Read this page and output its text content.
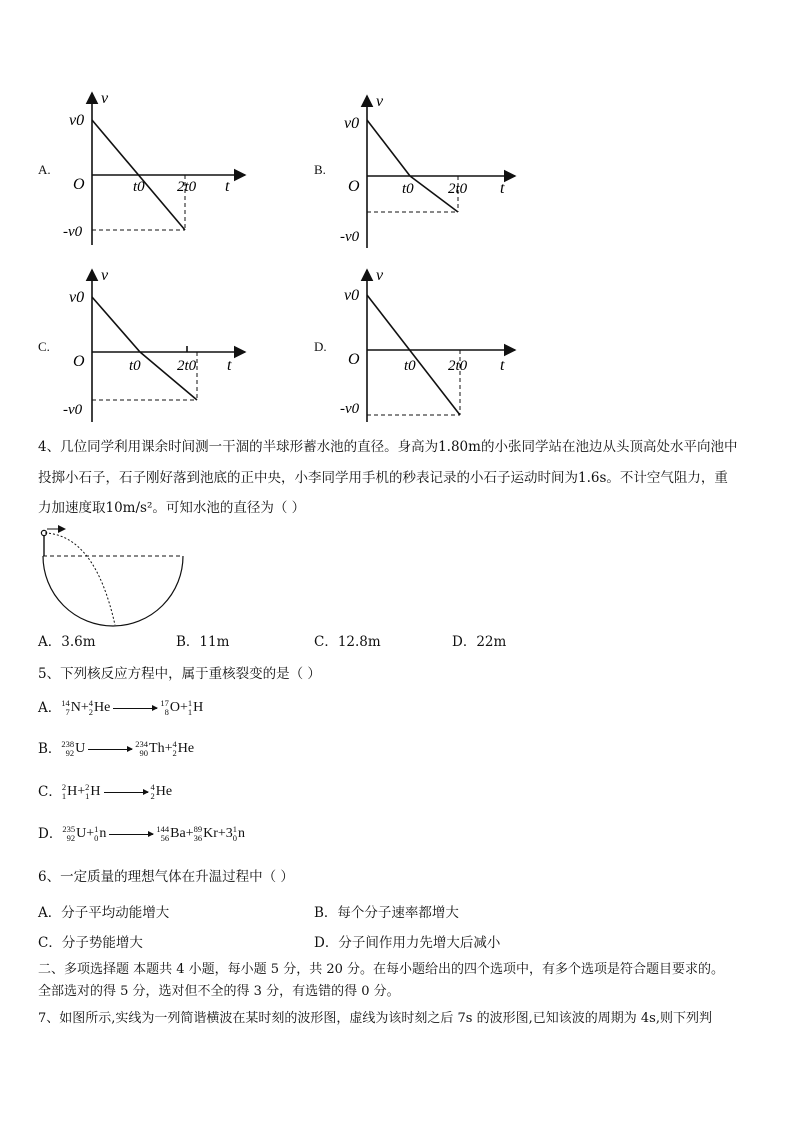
A.	B.
C.	D.
v
v0
O	t0 2t0 t
-v0
v
v0
O	t0 2t0 t
-v0
v
v0
O	t0 2t0 t
-v0
v
v0
O	t0 2t0 t
-v0
4、几位同学利用课余时间测一干涸的半球形蓄水池的直径。身高为1.80m的小张同学站在池边从头顶高处水平向池中
投掷小石子，石子刚好落到池底的正中央，小李同学用手机的秒表记录的小石子运动时间为1.6s。不计空气阻力，重
力加速度取10m/s²。可知水池的直径为（ ）
A．3.6m	B．11m	C．12.8m	D．22m
5、下列核反应方程中，属于重核裂变的是（ ）
A． 14
7 N + 4
2 He	17
8 O + 1
1 H
B． 238
92 U	234
90 Th + 4
2 He
C． 2
1 H + 2
1 H	4
2 He
D． 235
92 U + 1
0 n	144
56 Ba + 89
36 Kr + 3 1
0 n
6、一定质量的理想气体在升温过程中（ ）
A．分子平均动能增大	B．每个分子速率都增大
C．分子势能增大	D．分子间作用力先增大后减小
二、多项选择题 本题共 4 小题，每小题 5 分，共 20 分。在每小题给出的四个选项中，有多个选项是符合题目要求的。
全部选对的得 5 分，选对但不全的得 3 分，有选错的得 0 分。
7、如图所示,实线为一列简谐横波在某时刻的波形图，虚线为该时刻之后 7s 的波形图,已知该波的周期为 4s,则下列判
